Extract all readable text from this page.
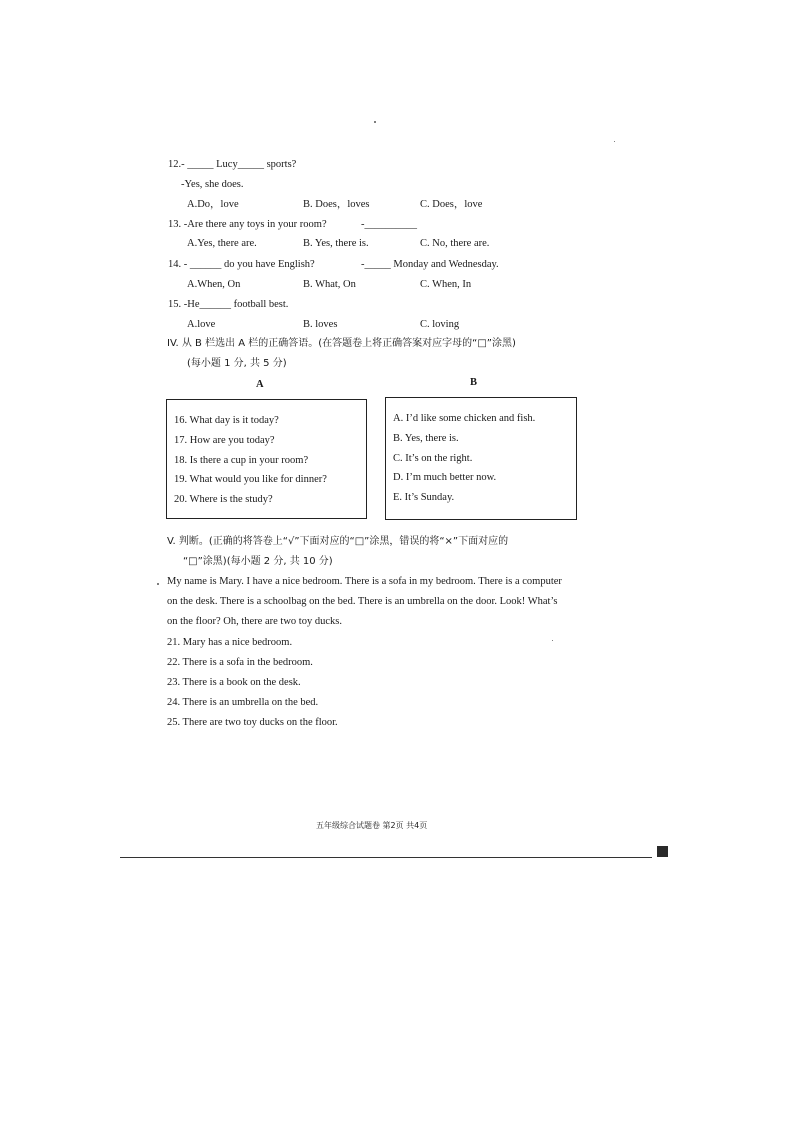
12.- _____ Lucy_____ sports?
-Yes, she does.
A.Do，love	B. Does，loves	C. Does，love
13. -Are there any toys in your room?	-__________
A.Yes, there are.	B. Yes, there is.	C. No, there are.
14. - ______ do you have English?	-_____ Monday and Wednesday.
A.When, On	B. What, On	C. When, In
15. -He______ football best.
A.love	B. loves	C. loving
IV. 从 B 栏选出 A 栏的正确答语。(在答题卷上将正确答案对应字母的“□”涂黑)
(每小题 1 分, 共 5 分)
A	B
16. What day is it today?
17. How are you today?
18. Is there a cup in your room?
19. What would you like for dinner?
20. Where is the study?
A. I’d like some chicken and fish.
B. Yes, there is.
C. It’s on the right.
D. I’m much better now.
E. It’s Sunday.
V. 判断。(正确的将答卷上“√”下面对应的“□”涂黑，错误的将“×”下面对应的
“□”涂黑)(每小题 2 分, 共 10 分)
My name is Mary. I have a nice bedroom. There is a sofa in my bedroom. There is a computer
on the desk. There is a schoolbag on the bed. There is an umbrella on the door. Look! What’s
on the floor? Oh, there are two toy ducks.
21. Mary has a nice bedroom.
22. There is a sofa in the bedroom.
23. There is a book on the desk.
24. There is an umbrella on the bed.
25. There are two toy ducks on the floor.
五年级综合试题卷 第2页 共4页
